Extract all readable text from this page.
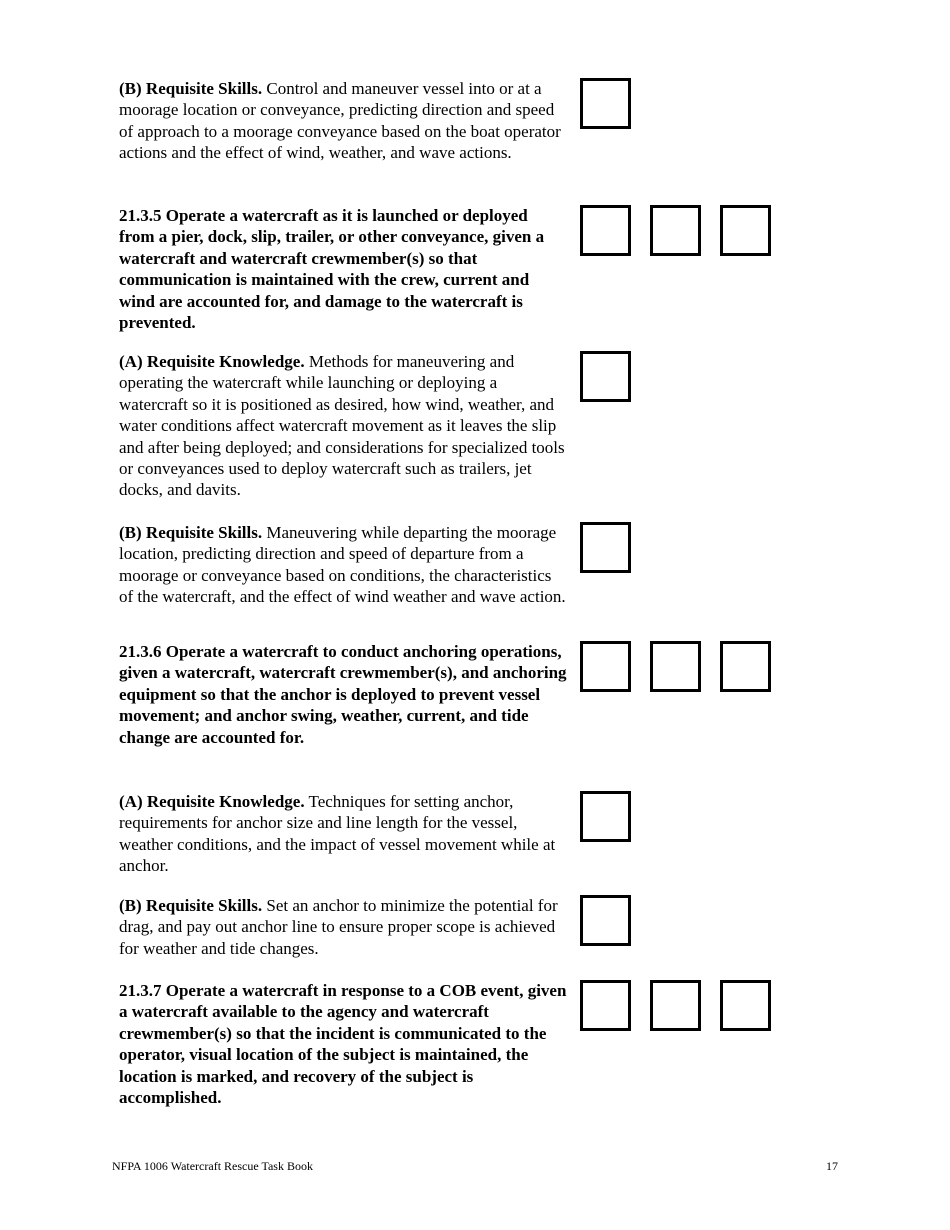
(B) Requisite Skills. Control and maneuver vessel into or at a moorage location or conveyance, predicting direction and speed of approach to a moorage conveyance based on the boat operator actions and the effect of wind, weather, and wave actions.

21.3.5 Operate a watercraft as it is launched or deployed from a pier, dock, slip, trailer, or other conveyance, given a watercraft and watercraft crewmember(s) so that communication is maintained with the crew, current and wind are accounted for, and damage to the watercraft is prevented.

(A) Requisite Knowledge. Methods for maneuvering and operating the watercraft while launching or deploying a watercraft so it is positioned as desired, how wind, weather, and water conditions affect watercraft movement as it leaves the slip and after being deployed; and considerations for specialized tools or conveyances used to deploy watercraft such as trailers, jet docks, and davits.

(B) Requisite Skills. Maneuvering while departing the moorage location, predicting direction and speed of departure from a moorage or conveyance based on conditions, the characteristics of the watercraft, and the effect of wind weather and wave action.

21.3.6 Operate a watercraft to conduct anchoring operations, given a watercraft, watercraft crewmember(s), and anchoring equipment so that the anchor is deployed to prevent vessel movement; and anchor swing, weather, current, and tide change are accounted for.

(A) Requisite Knowledge. Techniques for setting anchor, requirements for anchor size and line length for the vessel, weather conditions, and the impact of vessel movement while at anchor.

(B) Requisite Skills. Set an anchor to minimize the potential for drag, and pay out anchor line to ensure proper scope is achieved for weather and tide changes.

21.3.7 Operate a watercraft in response to a COB event, given a watercraft available to the agency and watercraft crewmember(s) so that the incident is communicated to the operator, visual location of the subject is maintained, the location is marked, and recovery of the subject is accomplished.

NFPA 1006 Watercraft Rescue Task Book	17
